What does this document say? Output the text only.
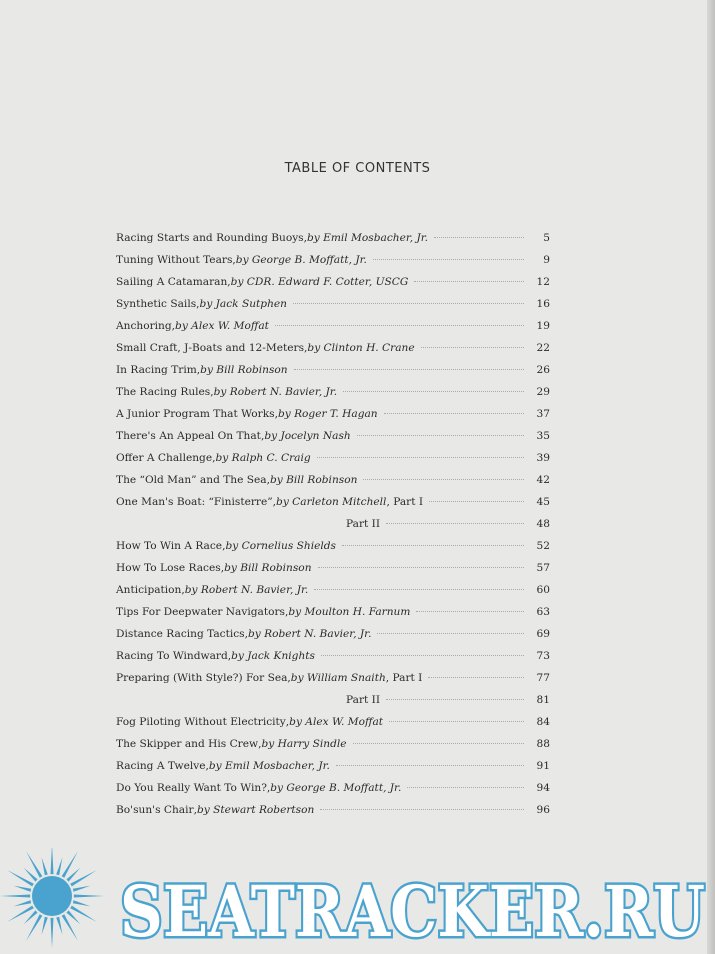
TABLE OF CONTENTS
Racing Starts and Rounding Buoys , by Emil Mosbacher, Jr.	5
Tuning Without Tears , by George B. Moffatt, Jr.	9
Sailing A Catamaran , by CDR. Edward F. Cotter, USCG	12
Synthetic Sails , by Jack Sutphen	16
Anchoring , by Alex W. Moffat	19
Small Craft, J-Boats and 12-Meters , by Clinton H. Crane	22
In Racing Trim , by Bill Robinson	26
The Racing Rules , by Robert N. Bavier, Jr.	29
A Junior Program That Works , by Roger T. Hagan	37
There's An Appeal On That , by Jocelyn Nash	35
Offer A Challenge , by Ralph C. Craig	39
The “Old Man” and The Sea , by Bill Robinson	42
One Man's Boat: “Finisterre” , by Carleton Mitchell , Part I	45
Part II	48
How To Win A Race , by Cornelius Shields	52
How To Lose Races , by Bill Robinson	57
Anticipation , by Robert N. Bavier, Jr.	60
Tips For Deepwater Navigators , by Moulton H. Farnum	63
Distance Racing Tactics , by Robert N. Bavier, Jr.	69
Racing To Windward , by Jack Knights	73
Preparing (With Style?) For Sea , by William Snaith , Part I	77
Part II	81
Fog Piloting Without Electricity , by Alex W. Moffat	84
The Skipper and His Crew , by Harry Sindle	88
Racing A Twelve , by Emil Mosbacher, Jr.	91
Do You Really Want To Win? , by George B. Moffatt, Jr.	94
Bo'sun's Chair , by Stewart Robertson	96
SEATRACKER.RU
